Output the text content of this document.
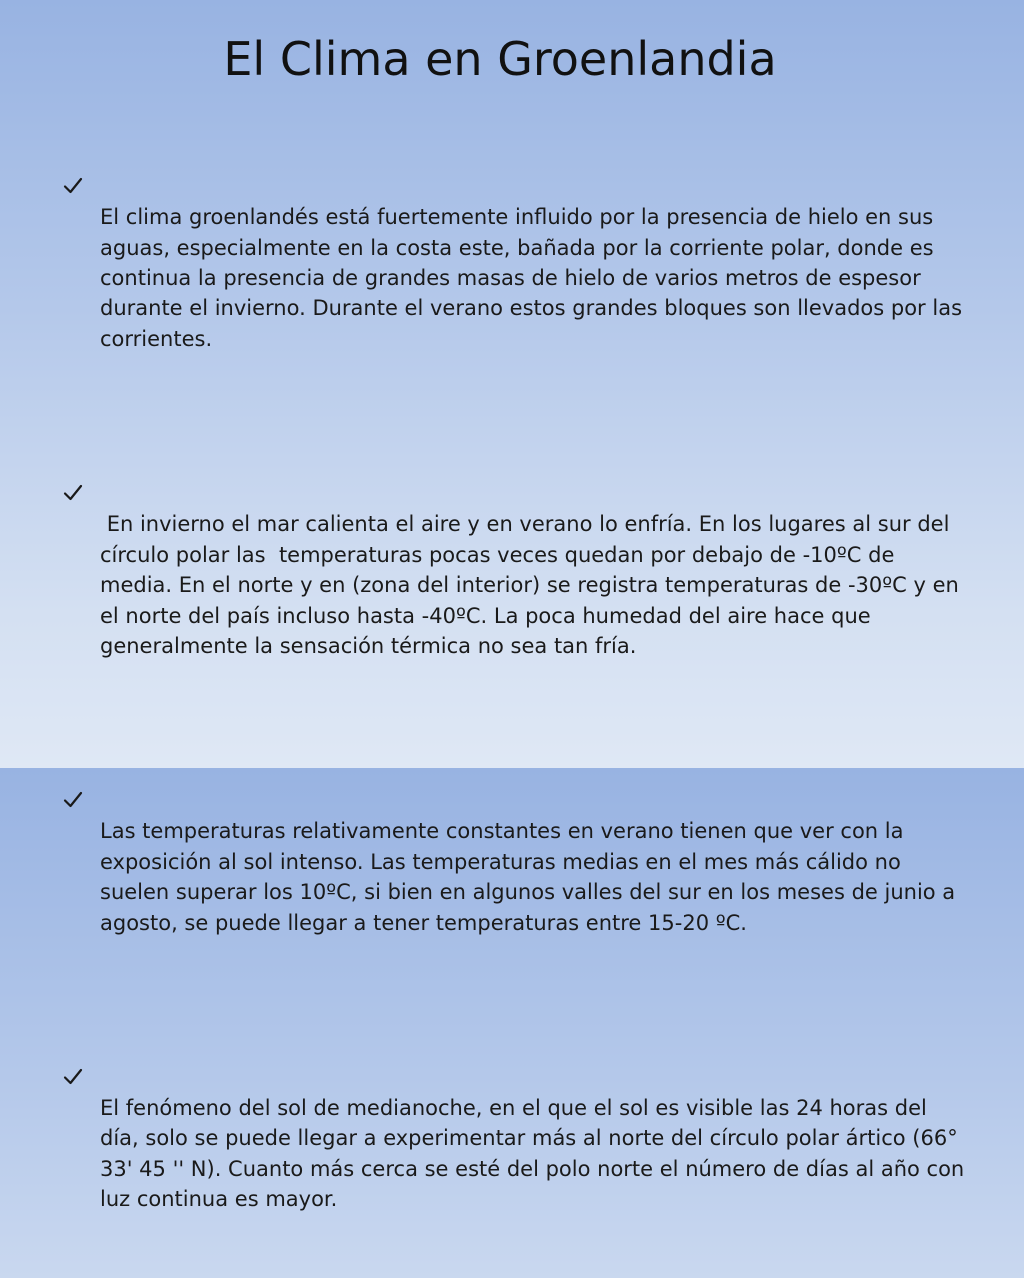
El Clima en Groenlandia

El clima groenlandés está fuertemente influido por la presencia de hielo en sus aguas, especialmente en la costa este, bañada por la corriente polar, donde es continua la presencia de grandes masas de hielo de varios metros de espesor durante el invierno. Durante el verano estos grandes bloques son llevados por las corrientes.

En invierno el mar calienta el aire y en verano lo enfría. En los lugares al sur del círculo polar las  temperaturas pocas veces quedan por debajo de -10ºC de media. En el norte y en (zona del interior) se registra temperaturas de -30ºC y en el norte del país incluso hasta -40ºC. La poca humedad del aire hace que generalmente la sensación térmica no sea tan fría.

Las temperaturas relativamente constantes en verano tienen que ver con la exposición al sol intenso. Las temperaturas medias en el mes más cálido no suelen superar los 10ºC, si bien en algunos valles del sur en los meses de junio a agosto, se puede llegar a tener temperaturas entre 15-20 ºC.

El fenómeno del sol de medianoche, en el que el sol es visible las 24 horas del día, solo se puede llegar a experimentar más al norte del círculo polar ártico (66° 33' 45 '' N). Cuanto más cerca se esté del polo norte el número de días al año con luz continua es mayor.
